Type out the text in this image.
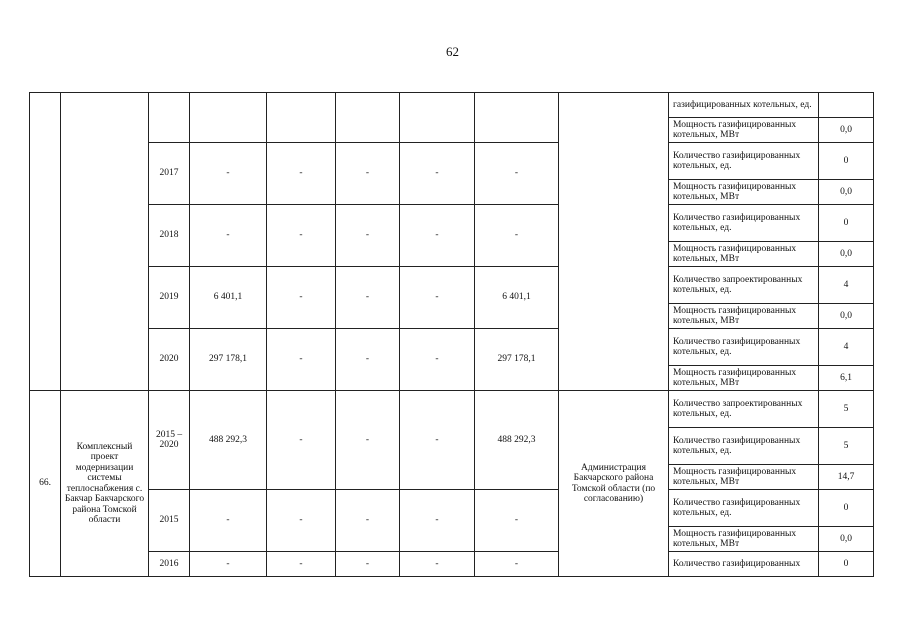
62
									газифицированных котельных, ед.	
									Мощность газифицированных котельных, МВт	0,0
		2017	-	-	-	-	-		Количество газифицированных котельных, ед.	0
									Мощность газифицированных котельных, МВт	0,0
		2018	-	-	-	-	-		Количество газифицированных котельных, ед.	0
									Мощность газифицированных котельных, МВт	0,0
		2019	6 401,1	-	-	-	6 401,1		Количество запроектированных котельных, ед.	4
									Мощность газифицированных котельных, МВт	0,0
		2020	297 178,1	-	-	-	297 178,1		Количество газифицированных котельных, ед.	4
									Мощность газифицированных котельных, МВт	6,1
66.	Комплексный проект модернизации системы теплоснабжения с. Бакчар Бакчарского района Томской области	2015 – 2020	488 292,3	-	-	-	488 292,3	Администрация Бакчарского района Томской области (по согласованию)	Количество запроектированных котельных, ед.	5
									Количество газифицированных котельных, ед.	5
									Мощность газифицированных котельных, МВт	14,7
		2015	-	-	-	-	-		Количество газифицированных котельных, ед.	0
									Мощность газифицированных котельных, МВт	0,0
		2016	-	-	-	-	-		Количество газифицированных	0
